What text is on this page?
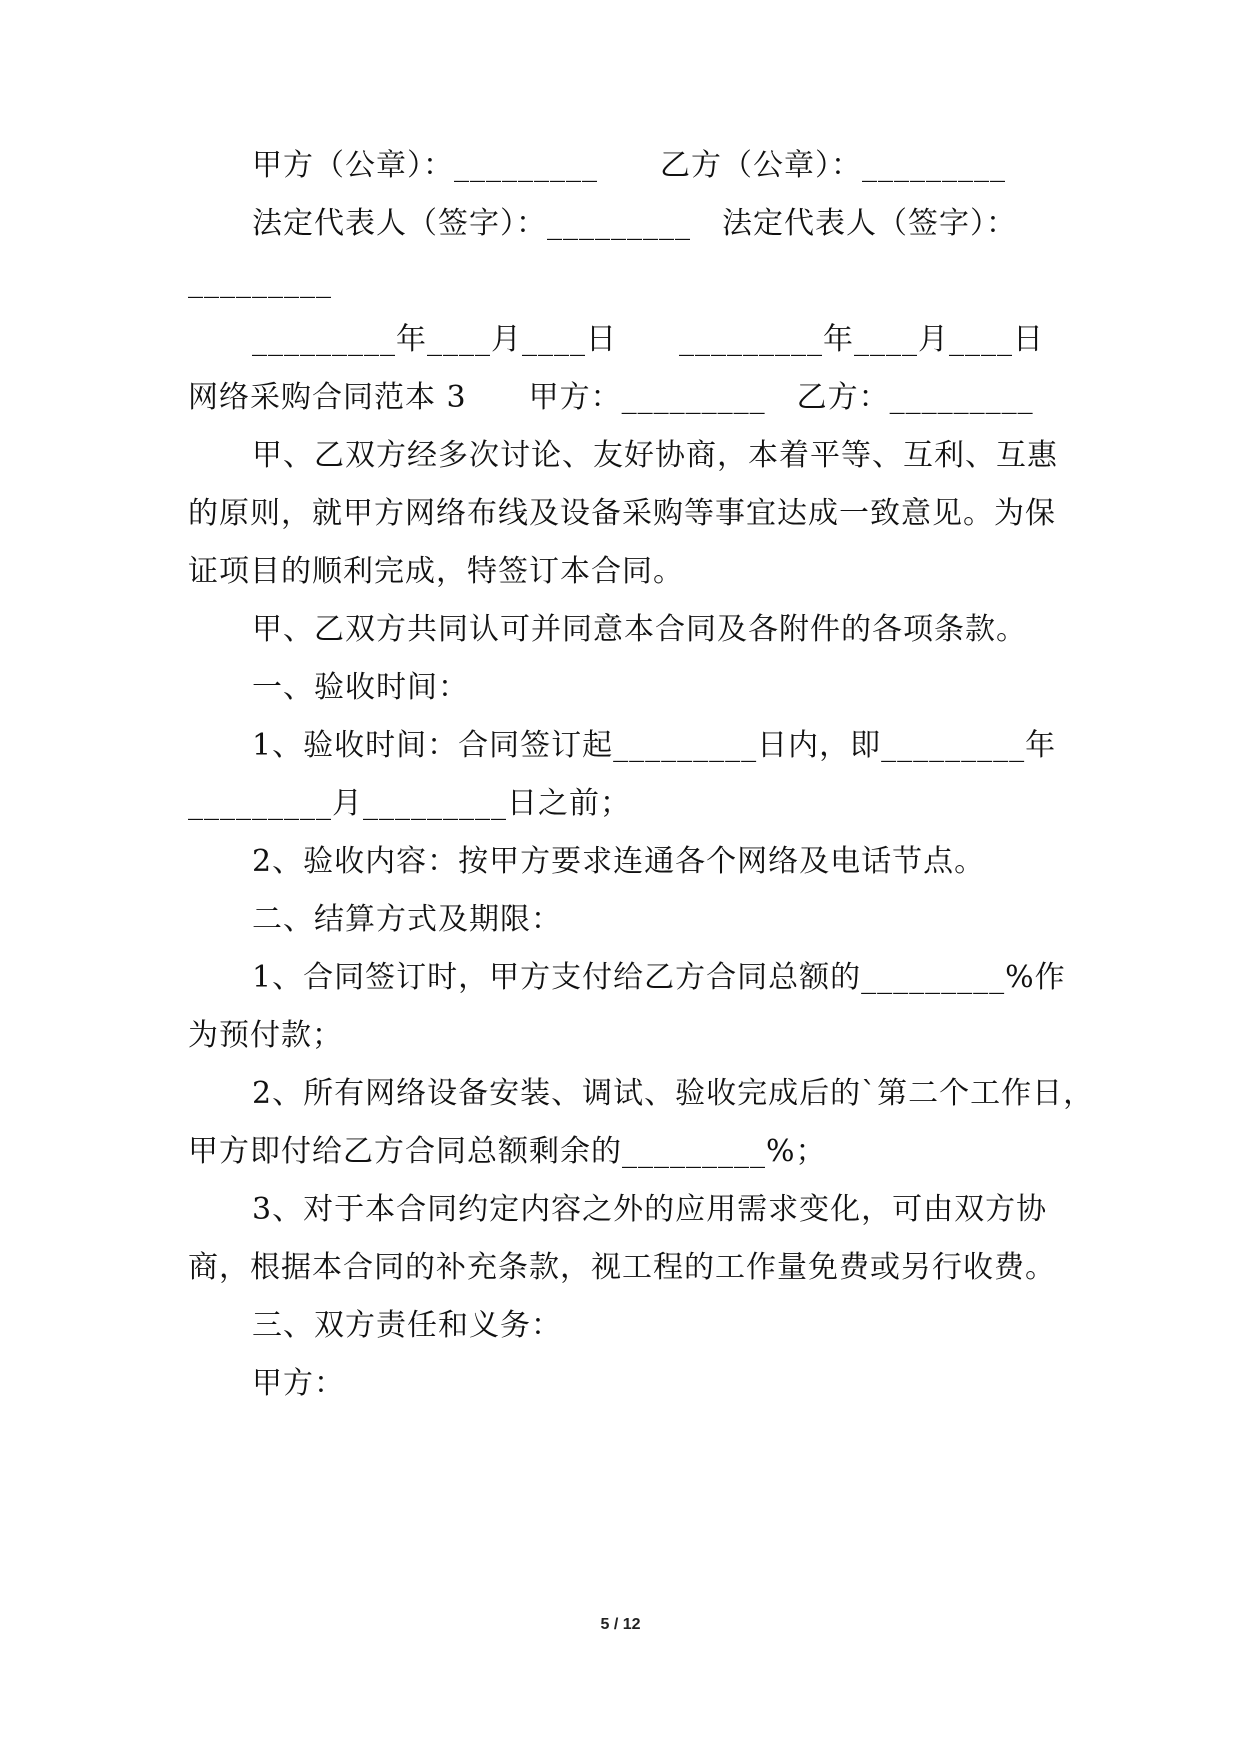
甲方（公章）：_________　　乙方（公章）：_________
法定代表人（签字）：_________　法定代表人（签字）：
_________
_________年____月____日　　_________年____月____日
网络采购合同范本 3　　甲方：_________　乙方：_________
甲、乙双方经多次讨论、友好协商，本着平等、互利、互惠
的原则，就甲方网络布线及设备采购等事宜达成一致意见。为保
证项目的顺利完成，特签订本合同。
甲、乙双方共同认可并同意本合同及各附件的各项条款。
一、验收时间：
1、验收时间：合同签订起_________日内，即_________年
_________月_________日之前；
2、验收内容：按甲方要求连通各个网络及电话节点。
二、结算方式及期限：
1、合同签订时，甲方支付给乙方合同总额的_________%作
为预付款；
2、所有网络设备安装、调试、验收完成后的`第二个工作日，
甲方即付给乙方合同总额剩余的_________%；
3、对于本合同约定内容之外的应用需求变化，可由双方协
商，根据本合同的补充条款，视工程的工作量免费或另行收费。
三、双方责任和义务：
甲方：
5 / 12
